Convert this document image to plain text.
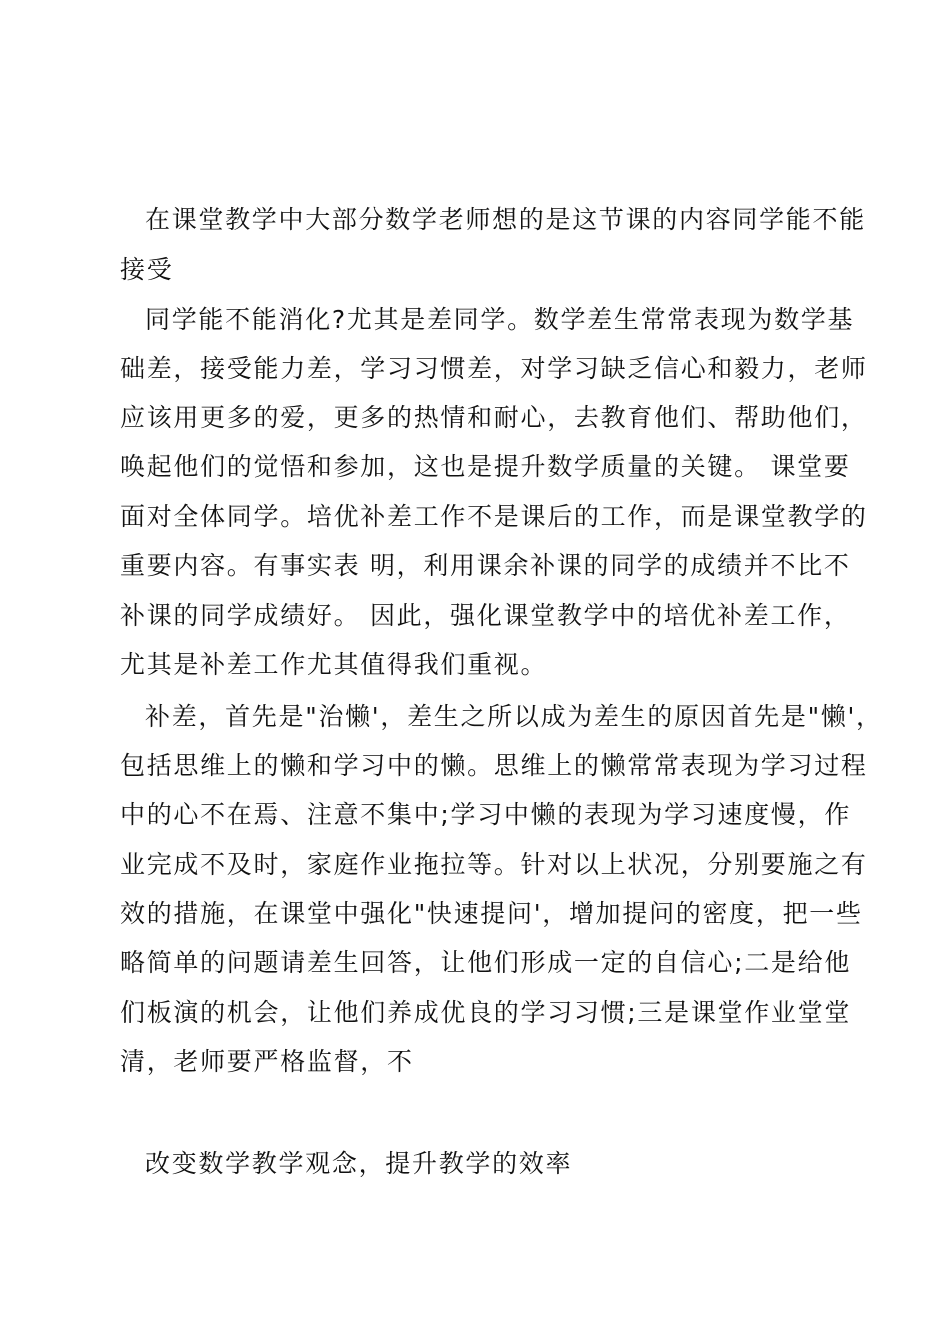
在课堂教学中大部分数学老师想的是这节课的内容同学能不能
接受
同学能不能消化?尤其是差同学。数学差生常常表现为数学基
础差，接受能力差，学习习惯差，对学习缺乏信心和毅力，老师
应该用更多的爱，更多的热情和耐心，去教育他们、帮助他们，
唤起他们的觉悟和参加，这也是提升数学质量的关键。 课堂要
面对全体同学。培优补差工作不是课后的工作，而是课堂教学的
重要内容。有事实表 明，利用课余补课的同学的成绩并不比不
补课的同学成绩好。 因此，强化课堂教学中的培优补差工作，
尤其是补差工作尤其值得我们重视。
补差，首先是"治懒'，差生之所以成为差生的原因首先是"懒'，
包括思维上的懒和学习中的懒。思维上的懒常常表现为学习过程
中的心不在焉、注意不集中;学习中懒的表现为学习速度慢，作
业完成不及时，家庭作业拖拉等。针对以上状况，分别要施之有
效的措施，在课堂中强化"快速提问'，增加提问的密度，把一些
略简单的问题请差生回答，让他们形成一定的自信心;二是给他
们板演的机会，让他们养成优良的学习习惯;三是课堂作业堂堂
清，老师要严格监督，不
改变数学教学观念，提升教学的效率
